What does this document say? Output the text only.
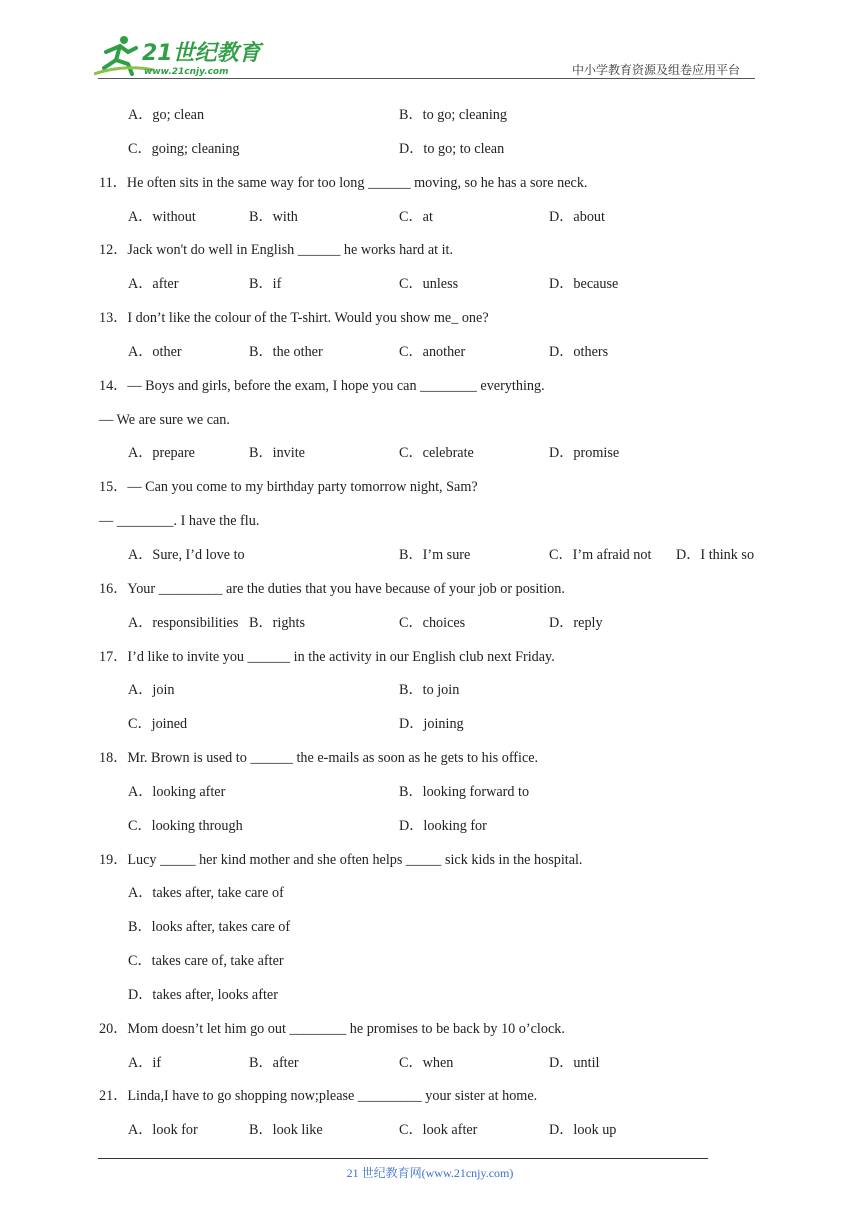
21世纪教育
www.21cnjy.com	中小学教育资源及组卷应用平台
A．go; clean	B．to go; cleaning
C．going; cleaning	D．to go; to clean
11．He often sits in the same way for too long ______ moving, so he has a sore neck.
A．without	B．with	C．at	D．about
12．Jack won't do well in English ______ he works hard at it.
A．after	B．if	C．unless	D．because
13．I don’t like the colour of the T-shirt. Would you show me_ one?
A．other	B．the other	C．another	D．others
14．— Boys and girls, before the exam, I hope you can ________ everything.
— We are sure we can.
A．prepare	B．invite	C．celebrate	D．promise
15．— Can you come to my birthday party tomorrow night, Sam?
— ________. I have the flu.
A．Sure, I’d love to	B．I’m sure	C．I’m afraid not D．I think so
16．Your _________ are the duties that you have because of your job or position.
A．responsibilities B．rights	C．choices	D．reply
17．I’d like to invite you ______ in the activity in our English club next Friday.
A．join	B．to join
C．joined	D．joining
18．Mr. Brown is used to ______ the e-mails as soon as he gets to his office.
A．looking after	B．looking forward to
C．looking through	D．looking for
19．Lucy _____ her kind mother and she often helps _____ sick kids in the hospital.
A．takes after, take care of
B．looks after, takes care of
C．takes care of, take after
D．takes after, looks after
20．Mom doesn’t let him go out ________ he promises to be back by 10 o’clock.
A．if	B．after	C．when	D．until
21．Linda,I have to go shopping now;please _________ your sister at home.
A．look for	B．look like	C．look after	D．look up
21 世纪教育网(www.21cnjy.com)
